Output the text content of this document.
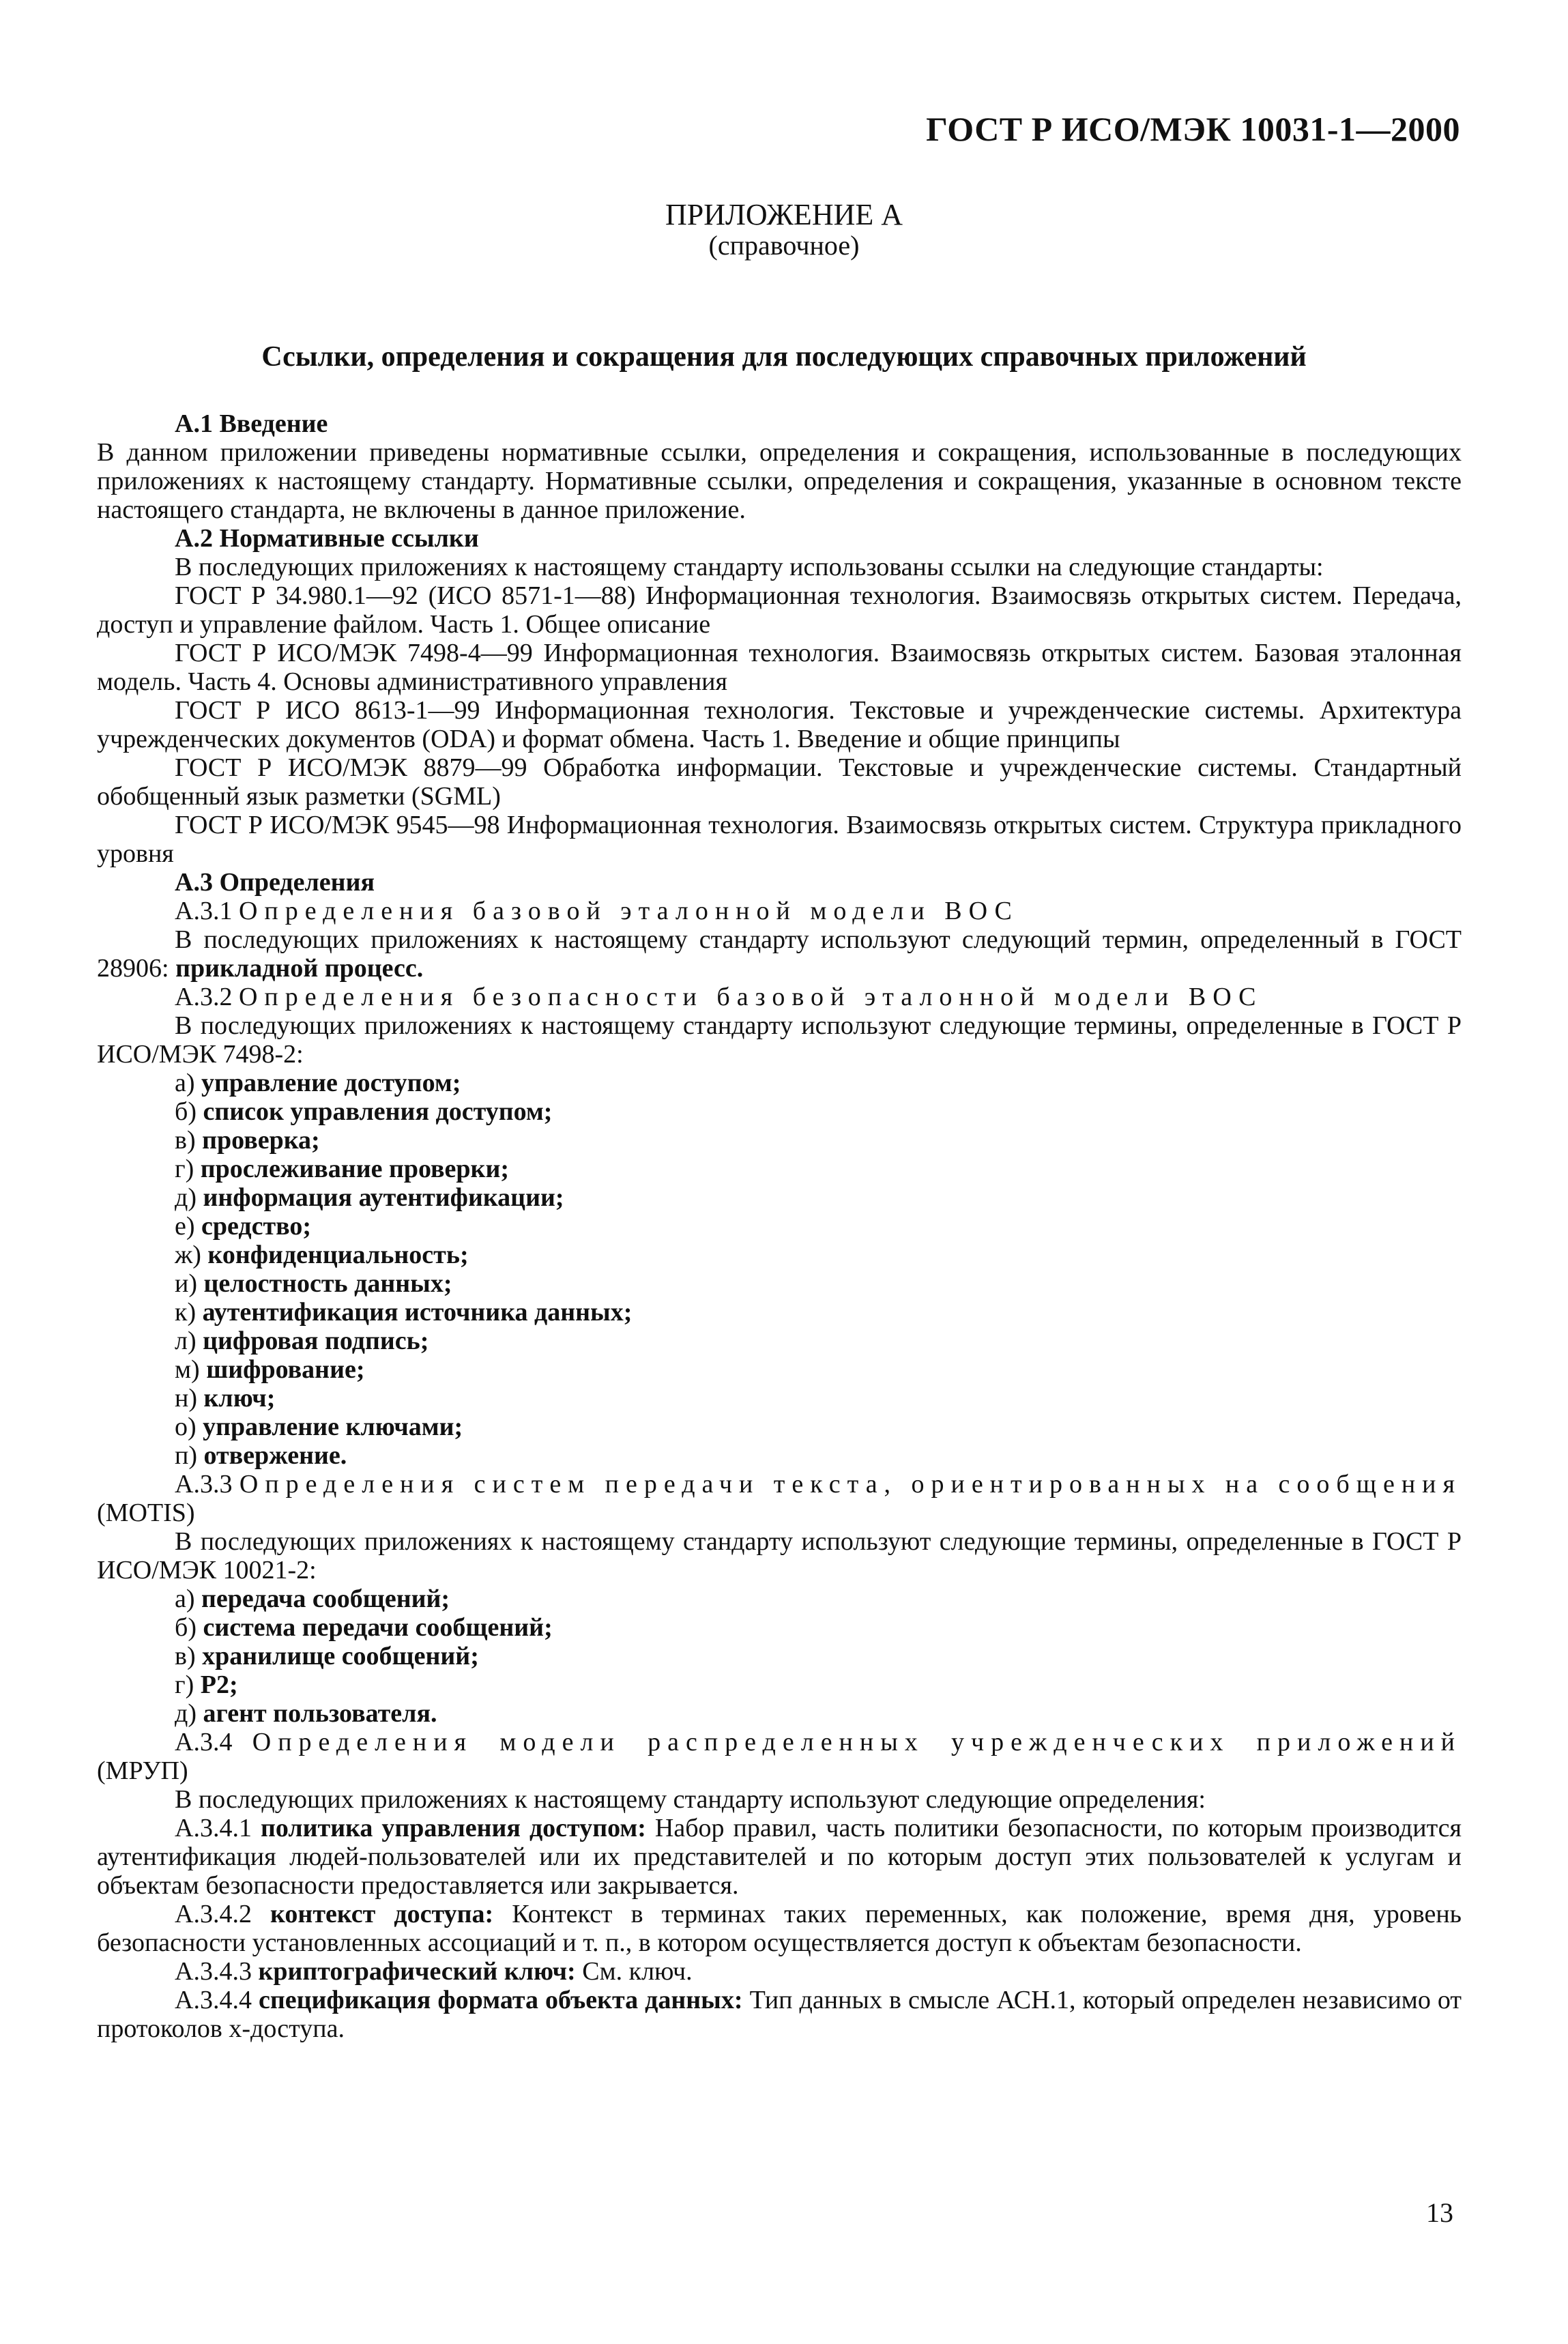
ГОСТ Р ИСО/МЭК 10031-1—2000
ПРИЛОЖЕНИЕ А
(справочное)
Ссылки, определения и сокращения для последующих справочных приложений

А.1 Введение

В данном приложении приведены нормативные ссылки, определения и сокращения, использованные в последующих приложениях к настоящему стандарту. Нормативные ссылки, определения и сокращения, указанные в основном тексте настоящего стандарта, не включены в данное приложение.

А.2 Нормативные ссылки

В последующих приложениях к настоящему стандарту использованы ссылки на следующие стандарты:

ГОСТ Р 34.980.1—92 (ИСО 8571-1—88) Информационная технология. Взаимосвязь открытых систем. Передача, доступ и управление файлом. Часть 1. Общее описание

ГОСТ Р ИСО/МЭК 7498-4—99 Информационная технология. Взаимосвязь открытых систем. Базовая эталонная модель. Часть 4. Основы административного управления

ГОСТ Р ИСО 8613-1—99 Информационная технология. Текстовые и учрежденческие системы. Архитектура учрежденческих документов (ODA) и формат обмена. Часть 1. Введение и общие принципы

ГОСТ Р ИСО/МЭК 8879—99 Обработка информации. Текстовые и учрежденческие системы. Стандартный обобщенный язык разметки (SGML)

ГОСТ Р ИСО/МЭК 9545—98 Информационная технология. Взаимосвязь открытых систем. Структура прикладного уровня

А.3 Определения

А.3.1 Определения базовой эталонной модели ВОС

В последующих приложениях к настоящему стандарту используют следующий термин, определенный в ГОСТ 28906: прикладной процесс.

А.3.2 Определения безопасности базовой эталонной модели ВОС

В последующих приложениях к настоящему стандарту используют следующие термины, определенные в ГОСТ Р ИСО/МЭК 7498-2:

а) управление доступом;

б) список управления доступом;

в) проверка;

г) прослеживание проверки;

д) информация аутентификации;

е) средство;

ж) конфиденциальность;

и) целостность данных;

к) аутентификация источника данных;

л) цифровая подпись;

м) шифрование;

н) ключ;

о) управление ключами;

п) отвержение.

А.3.3 Определения систем передачи текста, ориентированных на сообщения (MOTIS)

В последующих приложениях к настоящему стандарту используют следующие термины, определенные в ГОСТ Р ИСО/МЭК 10021-2:

а) передача сообщений;

б) система передачи сообщений;

в) хранилище сообщений;

г) P2;

д) агент пользователя.

А.3.4 Определения модели распределенных учрежденческих приложений (МРУП)

В последующих приложениях к настоящему стандарту используют следующие определения:

А.3.4.1 политика управления доступом: Набор правил, часть политики безопасности, по которым производится аутентификация людей-пользователей или их представителей и по которым доступ этих пользователей к услугам и объектам безопасности предоставляется или закрывается.

А.3.4.2 контекст доступа: Контекст в терминах таких переменных, как положение, время дня, уровень безопасности установленных ассоциаций и т. п., в котором осуществляется доступ к объектам безопасности.

А.3.4.3 криптографический ключ: См. ключ.

А.3.4.4 спецификация формата объекта данных: Тип данных в смысле АСН.1, который определен независимо от протоколов x-доступа.

13
